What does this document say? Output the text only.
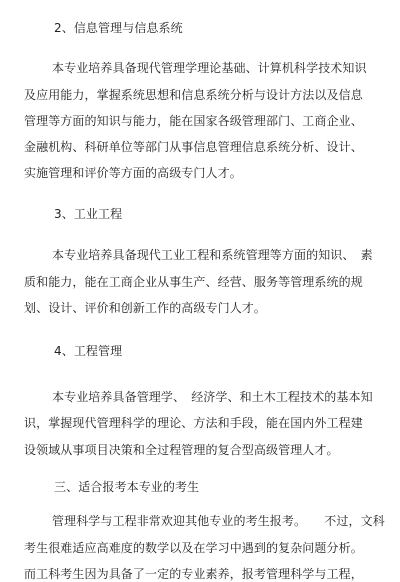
2、信息管理与信息系统
本专业培养具备现代管理学理论基础、计算机科学技术知识
及应用能力，掌握系统思想和信息系统分析与设计方法以及信息
管理等方面的知识与能力，能在国家各级管理部门、工商企业、
金融机构、科研单位等部门从事信息管理信息系统分析、设计、
实施管理和评价等方面的高级专门人才。
3、工业工程
本专业培养具备现代工业工程和系统管理等方面的知识、　素
质和能力，能在工商企业从事生产、经营、服务等管理系统的规
划、设计、评价和创新工作的高级专门人才。
4、工程管理
本专业培养具备管理学、　经济学、和土木工程技术的基本知
识，掌握现代管理科学的理论、方法和手段，能在国内外工程建
设领域从事项目决策和全过程管理的复合型高级管理人才。
三、适合报考本专业的考生
管理科学与工程非常欢迎其他专业的考生报考。　　不过，文科
考生很难适应高难度的数学以及在学习中遇到的复杂问题分析。
而工科考生因为具备了一定的专业素养，报考管理科学与工程，
